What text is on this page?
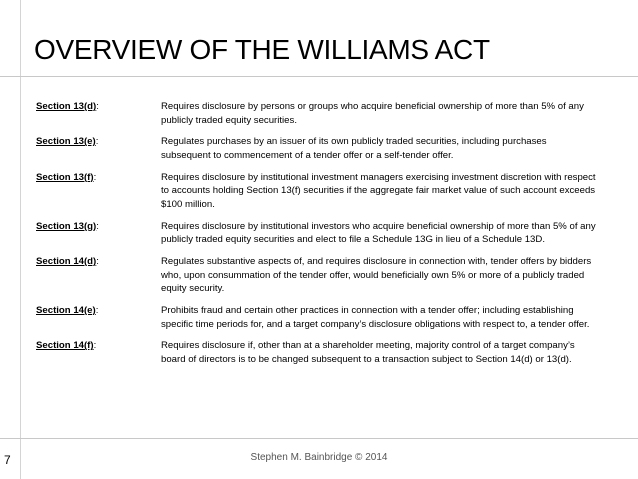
OVERVIEW OF THE WILLIAMS ACT
Section 13(d):	Requires disclosure by persons or groups who acquire beneficial ownership of more than 5% of any publicly traded equity securities.
Section 13(e):	Regulates purchases by an issuer of its own publicly traded securities, including purchases subsequent to commencement of a tender offer or a self-tender offer.
Section 13(f):	Requires disclosure by institutional investment managers exercising investment discretion with respect to accounts holding Section 13(f) securities if the aggregate fair market value of such account exceeds $100 million.
Section 13(g):	Requires disclosure by institutional investors who acquire beneficial ownership of more than 5% of any publicly traded equity securities and elect to file a Schedule 13G in lieu of a Schedule 13D.
Section 14(d):	Regulates substantive aspects of, and requires disclosure in connection with, tender offers by bidders who, upon consummation of the tender offer, would beneficially own 5% or more of a publicly traded equity security.
Section 14(e):	Prohibits fraud and certain other practices in connection with a tender offer; including establishing specific time periods for, and a target company’s disclosure obligations with respect to, a tender offer.
Section 14(f):	Requires disclosure if, other than at a shareholder meeting, majority control of a target company’s board of directors is to be changed subsequent to a transaction subject to Section 14(d) or 13(d).
7	Stephen M. Bainbridge © 2014
